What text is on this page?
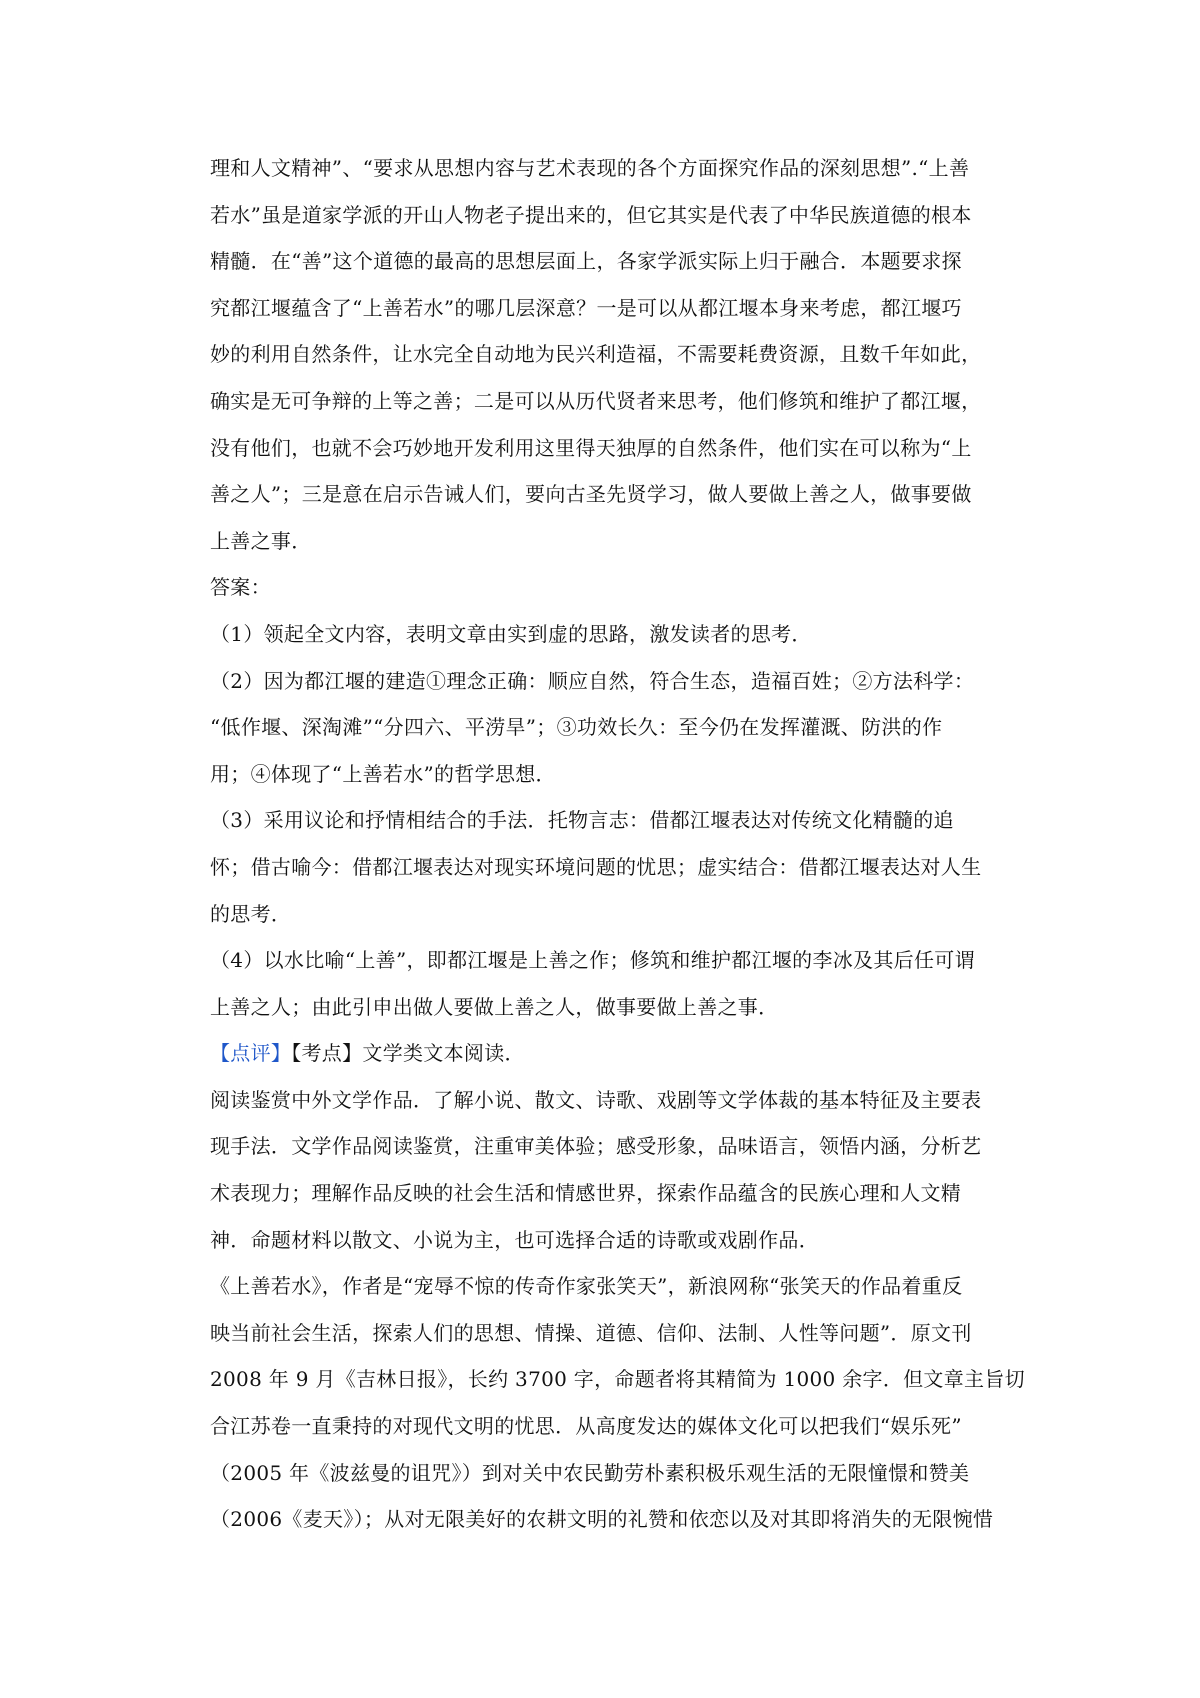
理和人文精神”、“要求从思想内容与艺术表现的各个方面探究作品的深刻思想”.“上善
若水”虽是道家学派的开山人物老子提出来的，但它其实是代表了中华民族道德的根本
精髓．在“善”这个道德的最高的思想层面上，各家学派实际上归于融合．本题要求探
究都江堰蕴含了“上善若水”的哪几层深意？一是可以从都江堰本身来考虑，都江堰巧
妙的利用自然条件，让水完全自动地为民兴利造福，不需要耗费资源，且数千年如此，
确实是无可争辩的上等之善；二是可以从历代贤者来思考，他们修筑和维护了都江堰，
没有他们，也就不会巧妙地开发利用这里得天独厚的自然条件，他们实在可以称为“上
善之人”；三是意在启示告诫人们，要向古圣先贤学习，做人要做上善之人，做事要做
上善之事．
答案：
（1）领起全文内容，表明文章由实到虚的思路，激发读者的思考．
（2）因为都江堰的建造①理念正确：顺应自然，符合生态，造福百姓；②方法科学：
“低作堰、深淘滩”“分四六、平涝旱”；③功效长久：至今仍在发挥灌溉、防洪的作
用；④体现了“上善若水”的哲学思想．
（3）采用议论和抒情相结合的手法．托物言志：借都江堰表达对传统文化精髓的追
怀；借古喻今：借都江堰表达对现实环境问题的忧思；虚实结合：借都江堰表达对人生
的思考．
（4）以水比喻“上善”，即都江堰是上善之作；修筑和维护都江堰的李冰及其后任可谓
上善之人；由此引申出做人要做上善之人，做事要做上善之事．
【点评】【考点】文学类文本阅读．
阅读鉴赏中外文学作品．了解小说、散文、诗歌、戏剧等文学体裁的基本特征及主要表
现手法．文学作品阅读鉴赏，注重审美体验；感受形象，品味语言，领悟内涵，分析艺
术表现力；理解作品反映的社会生活和情感世界，探索作品蕴含的民族心理和人文精
神．命题材料以散文、小说为主，也可选择合适的诗歌或戏剧作品．
《上善若水》，作者是“宠辱不惊的传奇作家张笑天”，新浪网称“张笑天的作品着重反
映当前社会生活，探索人们的思想、情操、道德、信仰、法制、人性等问题”．原文刊
2008 年 9 月《吉林日报》，长约 3700 字，命题者将其精简为 1000 余字．但文章主旨切
合江苏卷一直秉持的对现代文明的忧思．从高度发达的媒体文化可以把我们“娱乐死”
（2005 年《波兹曼的诅咒》）到对关中农民勤劳朴素积极乐观生活的无限憧憬和赞美
（2006《麦天》）；从对无限美好的农耕文明的礼赞和依恋以及对其即将消失的无限惋惜
